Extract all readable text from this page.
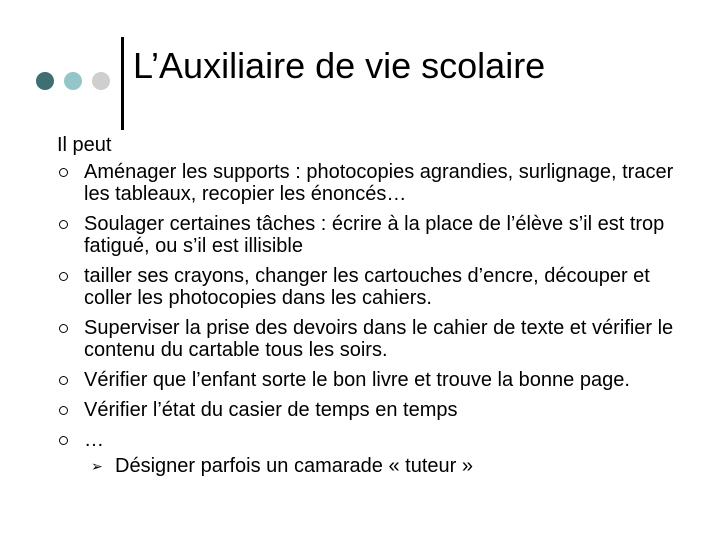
L’Auxiliaire de vie scolaire

Il peut

Aménager les supports : photocopies agrandies, surlignage, tracer les tableaux, recopier les énoncés…
Soulager certaines tâches : écrire à la place de l’élève s’il est trop fatigué, ou s’il est illisible
tailler ses crayons, changer les cartouches d’encre, découper et coller les photocopies dans les cahiers.
Superviser la prise des devoirs dans le cahier de texte et vérifier le contenu du cartable tous les soirs.
Vérifier que l’enfant sorte le bon livre et trouve la bonne page.
Vérifier l’état du casier de temps en temps
…
➢ Désigner parfois un camarade « tuteur »
